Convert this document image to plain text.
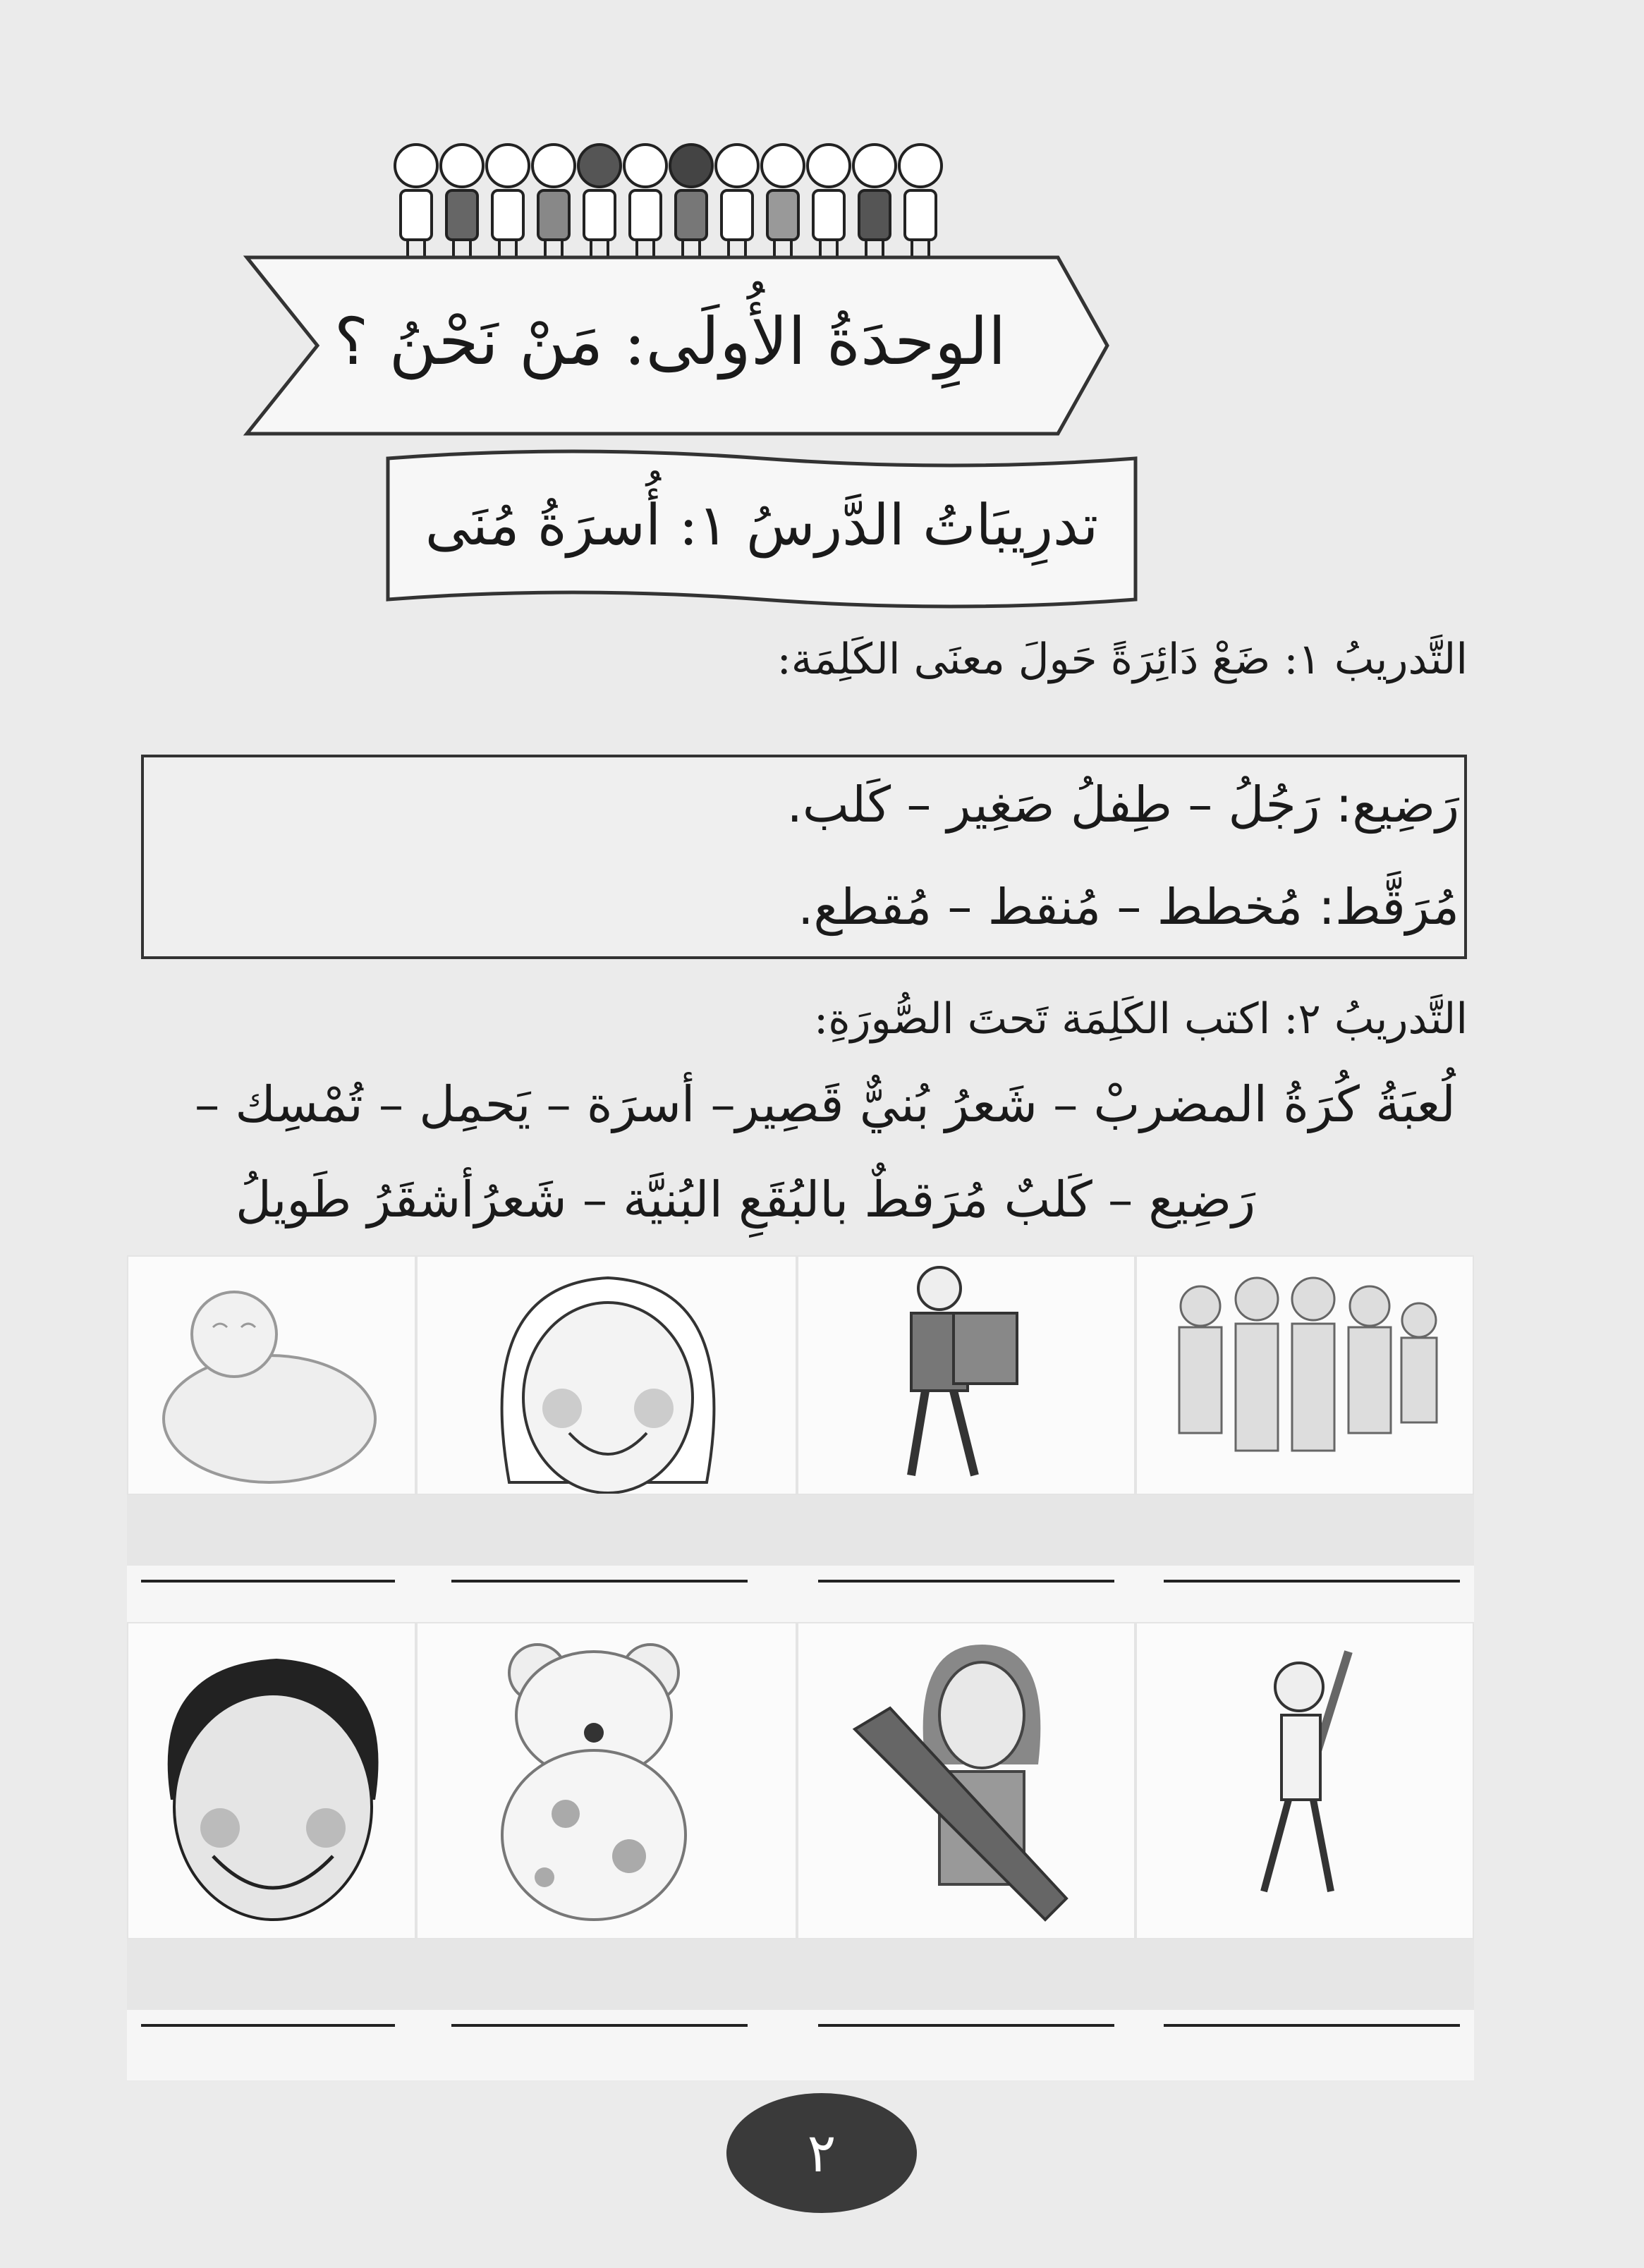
الوِحدَةُ الأُولَى: مَنْ نَحْنُ ؟
تدرِيبَاتُ الدَّرسُ ١: أُسرَةُ مُنَى
التَّدريبُ ١: ضَعْ دَائِرَةً حَولَ معنَى الكَلِمَة:
رَضِيع: رَجُلُ – طِفلُ صَغِير – كَلب.
مُرَقَّط: مُخطط – مُنقط – مُقطع.
التَّدريبُ ٢: اكتب الكَلِمَة تَحتَ الصُّورَةِ:
لُعبَةُ كُرَةُ المضربْ – شَعرُ بُنيٌّ قَصِير– أسرَة – يَحمِل – تُمْسِك –
رَضِيع – كَلبٌ مُرَقطٌ بالبُقَعِ البُنيَّة – شَعرُأشقَرُ طَويلُ
٢
